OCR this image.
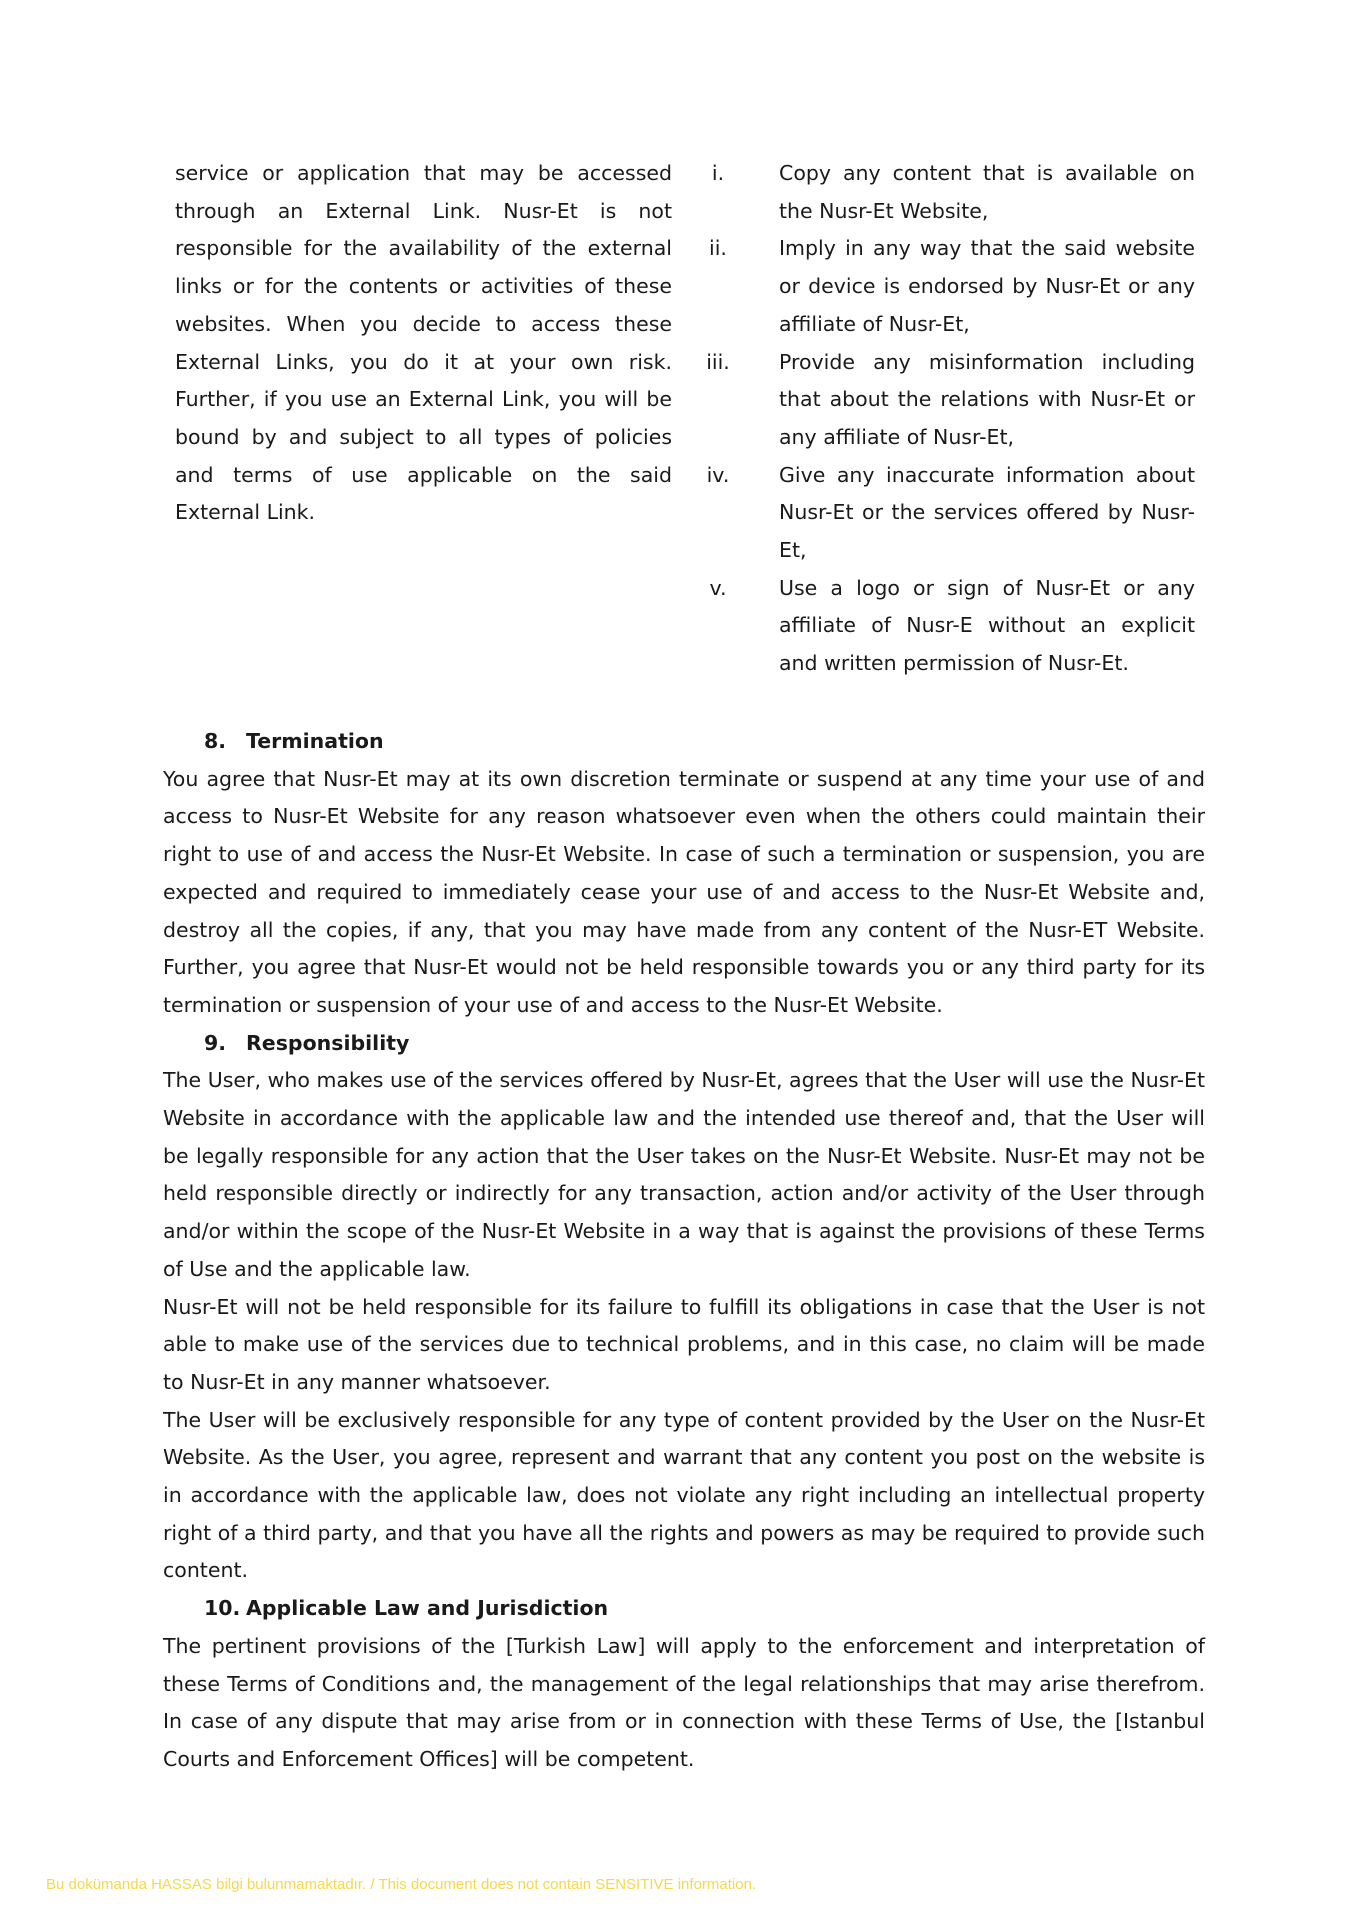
service or application that may be accessed through an External Link. Nusr-Et is not responsible for the availability of the external links or for the contents or activities of these websites. When you decide to access these External Links, you do it at your own risk. Further, if you use an External Link, you will be bound by and subject to all types of policies and terms of use applicable on the said External Link.

i.	Copy any content that is available on the Nusr-Et Website,
ii.	Imply in any way that the said website or device is endorsed by Nusr-Et or any affiliate of Nusr-Et,
iii.	Provide any misinformation including that about the relations with Nusr-Et or any affiliate of Nusr-Et,
iv.	Give any inaccurate information about Nusr-Et or the services offered by Nusr-Et,
v.	Use a logo or sign of Nusr-Et or any affiliate of Nusr-E without an explicit and written permission of Nusr-Et.
8. Termination

You agree that Nusr-Et may at its own discretion terminate or suspend at any time your use of and access to Nusr-Et Website for any reason whatsoever even when the others could maintain their right to use of and access the Nusr-Et Website. In case of such a termination or suspension, you are expected and required to immediately cease your use of and access to the Nusr-Et Website and, destroy all the copies, if any, that you may have made from any content of the Nusr-ET Website. Further, you agree that Nusr-Et would not be held responsible towards you or any third party for its termination or suspension of your use of and access to the Nusr-Et Website.

9. Responsibility

The User, who makes use of the services offered by Nusr-Et, agrees that the User will use the Nusr-Et Website in accordance with the applicable law and the intended use thereof and, that the User will be legally responsible for any action that the User takes on the Nusr-Et Website. Nusr-Et may not be held responsible directly or indirectly for any transaction, action and/or activity of the User through and/or within the scope of the Nusr-Et Website in a way that is against the provisions of these Terms of Use and the applicable law.

Nusr-Et will not be held responsible for its failure to fulfill its obligations in case that the User is not able to make use of the services due to technical problems, and in this case, no claim will be made to Nusr-Et in any manner whatsoever.

The User will be exclusively responsible for any type of content provided by the User on the Nusr-Et Website. As the User, you agree, represent and warrant that any content you post on the website is in accordance with the applicable law, does not violate any right including an intellectual property right of a third party, and that you have all the rights and powers as may be required to provide such content.

10. Applicable Law and Jurisdiction

The pertinent provisions of the [Turkish Law] will apply to the enforcement and interpretation of these Terms of Conditions and, the management of the legal relationships that may arise therefrom. In case of any dispute that may arise from or in connection with these Terms of Use, the [Istanbul Courts and Enforcement Offices] will be competent.

Bu dokümanda HASSAS bilgi bulunmamaktadır. / This document does not contain SENSITIVE information.
